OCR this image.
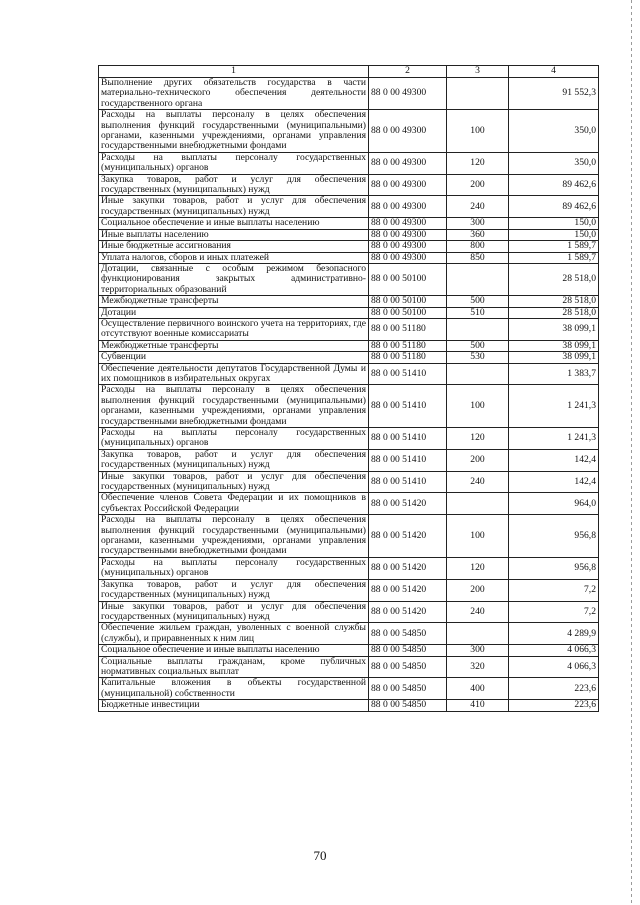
1	2	3	4
Выполнение других обязательств государства в части материально-технического обеспечения деятельности государственного органа	88 0 00 49300		91 552,3
Расходы на выплаты персоналу в целях обеспечения выполнения функций государственными (муниципальными) органами, казенными учреждениями, органами управления государственными внебюджетными фондами	88 0 00 49300	100	350,0
Расходы на выплаты персоналу государственных (муниципальных) органов	88 0 00 49300	120	350,0
Закупка товаров, работ и услуг для обеспечения государственных (муниципальных) нужд	88 0 00 49300	200	89 462,6
Иные закупки товаров, работ и услуг для обеспечения государственных (муниципальных) нужд	88 0 00 49300	240	89 462,6
Социальное обеспечение и иные выплаты населению	88 0 00 49300	300	150,0
Иные выплаты населению	88 0 00 49300	360	150,0
Иные бюджетные ассигнования	88 0 00 49300	800	1 589,7
Уплата налогов, сборов и иных платежей	88 0 00 49300	850	1 589,7
Дотации, связанные с особым режимом безопасного функционирования закрытых административно-территориальных образований	88 0 00 50100		28 518,0
Межбюджетные трансферты	88 0 00 50100	500	28 518,0
Дотации	88 0 00 50100	510	28 518,0
Осуществление первичного воинского учета на территориях, где отсутствуют военные комиссариаты	88 0 00 51180		38 099,1
Межбюджетные трансферты	88 0 00 51180	500	38 099,1
Субвенции	88 0 00 51180	530	38 099,1
Обеспечение деятельности депутатов Государственной Думы и их помощников в избирательных округах	88 0 00 51410		1 383,7
Расходы на выплаты персоналу в целях обеспечения выполнения функций государственными (муниципальными) органами, казенными учреждениями, органами управления государственными внебюджетными фондами	88 0 00 51410	100	1 241,3
Расходы на выплаты персоналу государственных (муниципальных) органов	88 0 00 51410	120	1 241,3
Закупка товаров, работ и услуг для обеспечения государственных (муниципальных) нужд	88 0 00 51410	200	142,4
Иные закупки товаров, работ и услуг для обеспечения государственных (муниципальных) нужд	88 0 00 51410	240	142,4
Обеспечение членов Совета Федерации и их помощников в субъектах Российской Федерации	88 0 00 51420		964,0
Расходы на выплаты персоналу в целях обеспечения выполнения функций государственными (муниципальными) органами, казенными учреждениями, органами управления государственными внебюджетными фондами	88 0 00 51420	100	956,8
Расходы на выплаты персоналу государственных (муниципальных) органов	88 0 00 51420	120	956,8
Закупка товаров, работ и услуг для обеспечения государственных (муниципальных) нужд	88 0 00 51420	200	7,2
Иные закупки товаров, работ и услуг для обеспечения государственных (муниципальных) нужд	88 0 00 51420	240	7,2
Обеспечение жильем граждан, уволенных с военной службы (службы), и приравненных к ним лиц	88 0 00 54850		4 289,9
Социальное обеспечение и иные выплаты населению	88 0 00 54850	300	4 066,3
Социальные выплаты гражданам, кроме публичных нормативных социальных выплат	88 0 00 54850	320	4 066,3
Капитальные вложения в объекты государственной (муниципальной) собственности	88 0 00 54850	400	223,6
Бюджетные инвестиции	88 0 00 54850	410	223,6
70
